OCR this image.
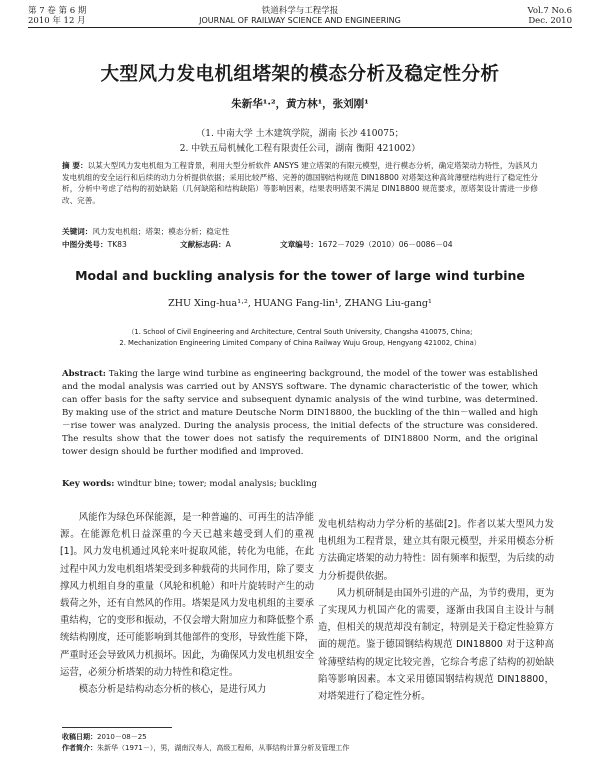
第 7 卷 第 6 期
2010 年 12 月
铁道科学与工程学报
JOURNAL OF RAILWAY SCIENCE AND ENGINEERING
Vol.7 No.6
Dec. 2010
大型风力发电机组塔架的模态分析及稳定性分析
朱新华¹·²，黄方林¹，张刘刚¹
（1. 中南大学 土木建筑学院，湖南 长沙 410075；
2. 中铁五局机械化工程有限责任公司，湖南 衡阳 421002）
摘 要：以某大型风力发电机组为工程背景，利用大型分析软件 ANSYS 建立塔架的有限元模型，进行模态分析，确定塔架动力特性，为該风力发电机组的安全运行和后续的动力分析提供依据；采用比较严格、完善的德国钢结构规范 DIN18800 对塔架这种高耸薄壁结构进行了稳定性分析，分析中考虑了结构的初始缺陷（几何缺陷和结构缺陷）等影响因素，结果表明塔架不满足 DIN18800 规范要求，原塔架设计需进一步修改、完善。
关键词：风力发电机组；塔架；模态分析；稳定性
中图分类号：TK83	文献标志码：A	文章编号：1672－7029（2010）06－0086－04
Modal and buckling analysis for the tower of large wind turbine
ZHU Xing-hua¹·², HUANG Fang-lin¹, ZHANG Liu-gang¹
（1. School of Civil Engineering and Architecture, Central South University, Changsha 410075, China;
2. Mechanization Engineering Limited Company of China Railway Wuju Group, Hengyang 421002, China）
Abstract: Taking the large wind turbine as engineering background, the model of the tower was established and the modal analysis was carried out by ANSYS software. The dynamic characteristic of the tower, which can offer basis for the safty service and subsequent dynamic analysis of the wind turbine, was determined. By making use of the strict and mature Deutsche Norm DIN18800, the buckling of the thin－walled and high－rise tower was analyzed. During the analysis process, the initial defects of the structure was considered. The results show that the tower does not satisfy the requirements of DIN18800 Norm, and the original tower design should be further modified and improved.
Key words: windtur bine; tower; modal analysis; buckling

风能作为绿色环保能源，是一种普遍的、可再生的洁净能源。在能源危机日益深重的今天已越来越受到人们的重视[1]。风力发电机通过风轮来叶捉取风能，转化为电能，在此过程中风力发电机组塔架受到多种载荷的共同作用，除了要支撑风力机组自身的重量（风轮和机舱）和叶片旋转时产生的动载荷之外，还有自然风的作用。塔架是风力发电机组的主要承重结构，它的变形和振动，不仅会增大附加应力和降低整个系统结构刚度，还可能影响到其他部件的变形，导致性能下降，严重时还会导致风力机损坏。因此，为确保风力发电机组安全运营，必须分析塔架的动力特性和稳定性。

模态分析是结构动态分析的核心，是进行风力

发电机结构动力学分析的基础[2]。作者以某大型风力发电机组为工程背景，建立其有限元模型，并采用模态分析方法确定塔架的动力特性：固有频率和振型，为后续的动力分析提供依据。

风力机研制是由国外引进的产品，为节约费用，更为了实现风力机国产化的需要，逐渐由我国自主设计与制造，但相关的规范却没有制定，特别是关于稳定性验算方面的规范。鉴于德国钢结构规范 DIN18800 对于这种高耸薄壁结构的规定比较完善，它综合考虑了结构的初始缺陷等影响因素。本文采用德国钢结构规范 DIN18800，对塔架进行了稳定性分析。

收稿日期：2010－08－25
作者简介：朱新华（1971－），男，湖南汉寿人，高级工程师，从事结构计算分析及管理工作
